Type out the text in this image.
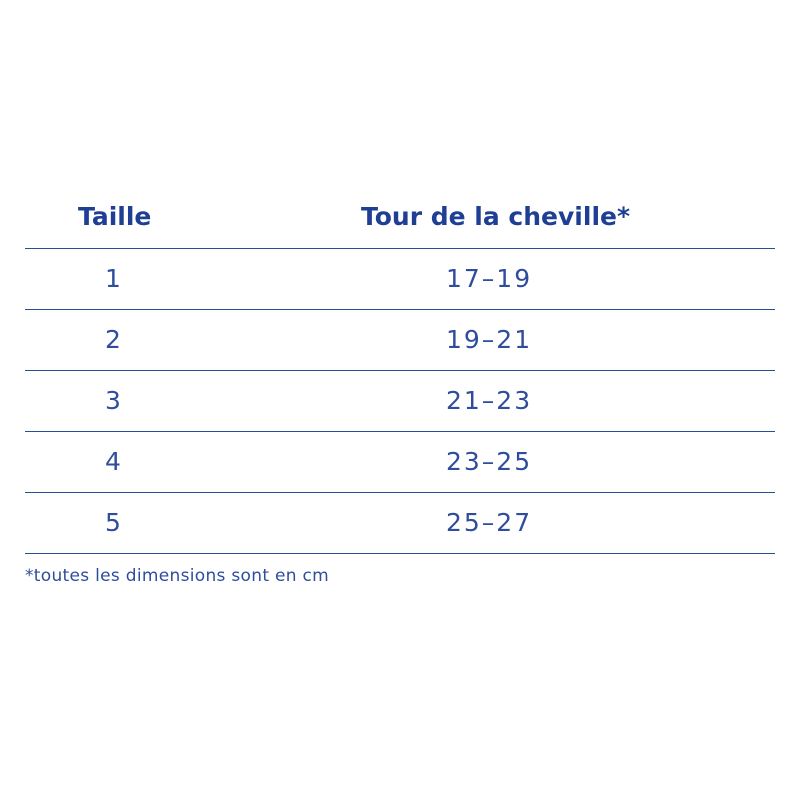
Taille	Tour de la cheville*
1	17–19
2	19–21
3	21–23
4	23–25
5	25–27
*toutes les dimensions sont en cm
